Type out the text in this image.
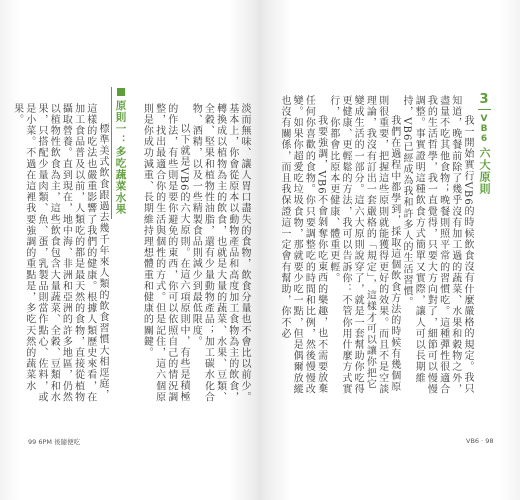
淡而無味、讓人胃口盡失的食物，飲食分量也不會比以前少。基本上，你會從原本以動物產品和高度加工食物為主的飲食，轉換成以植物為主的飲食，也就是大量的蔬菜、水果、豆類、全穀、堅果和植物性油脂，還有少量動物產品；加工碳水化合物、酒精，以及一些精製食品則減少到最低限度。

以下就是VB6的六大原則。在這六項原則中，有些是積極的作法，有些則是要你避免的東西，你可以依照自己的情況調整，找出最適合你的生活與個性的方式。但是記住，這六個原則是你成功減重、長期維持理想體重和健康的關鍵。

原則一：多吃蔬菜水果

標準美式飲食跟過去幾千年來人類的飲食習慣大相逕庭，這樣的吃法也嚴重影響了我們的健康。根據人類歷史來看，在加工食品普及以前，人類吃的都是最天然的食物，直接從植物攝取營養。直到現在，地中海、非洲和亞洲的許多地區，仍然以植物性飲食為主，這些飲食包含大量蔬菜、全穀、豆類和水果，只搭配少量肉類、魚、蛋，乳製品則當作點心、佐料，或是小菜。不過在這裡我要強調的重點是，多吃天然的蔬菜水果。

99 6PM 後隨便吃
3
VB6六大原則

我一開始實行VB6的時候飲食沒有什麼嚴格的規定。我只知道，晚餐前除了幾乎沒有加工過的蔬菜、水果和穀物之外，盡量不吃其他食物；晚餐則照平常的習慣吃。這種彈性很適合我的生活哲學，我一直覺得，只要大方向對了，細節可以慢慢調整。事實證明這種飲食方式簡單又實際，讓人可以長期維持，VB6已經成為我和許多人的生活習慣。

我們在過程中都學到，採取這個飲食方法的時候有幾個原則很重要，把握這些原則就能獲得更好的效果。而且不是空談理論，我沒有訂出一套嚴格的「規定」，這樣才可以讓你把它變成生活的一部分。這六大原則說穿了，就是一套幫助你吃得更健康、更輕鬆的方法，我可以告訴你：不管你用什麼方式實行，你都會比原本更健康、體重更輕。

我要強調，VB6不會剝奪你吃東西的樂趣，也不需要放棄任何你喜歡的食物。你只要調整吃的時間和比例，然後慢慢改變。如果你超愛吃垃圾食物，那就要少吃一點，但是偶爾放縱也沒有關係，而且我保證這一定會有幫助，你不必

VB6 · 98
